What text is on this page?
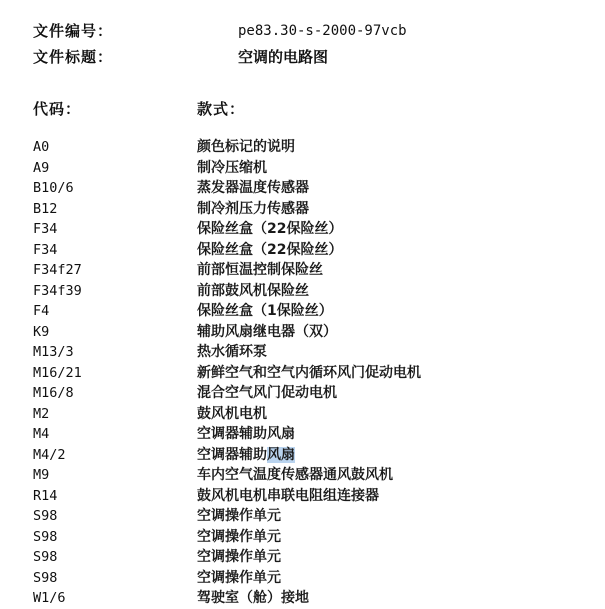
文件编号：	pe83.30-s-2000-97vcb
文件标题：	空调的电路图
代码：	款式：
A0	颜色标记的说明
A9	制冷压缩机
B10/6	蒸发器温度传感器
B12	制冷剂压力传感器
F34	保险丝盒（22保险丝）
F34	保险丝盒（22保险丝）
F34f27	前部恒温控制保险丝
F34f39	前部鼓风机保险丝
F4	保险丝盒（1保险丝）
K9	辅助风扇继电器（双）
M13/3	热水循环泵
M16/21	新鲜空气和空气内循环风门促动电机
M16/8	混合空气风门促动电机
M2	鼓风机电机
M4	空调器辅助风扇
M4/2	空调器辅助风扇
M9	车内空气温度传感器通风鼓风机
R14	鼓风机电机串联电阻组连接器
S98	空调操作单元
S98	空调操作单元
S98	空调操作单元
S98	空调操作单元
W1/6	驾驶室（舱）接地
